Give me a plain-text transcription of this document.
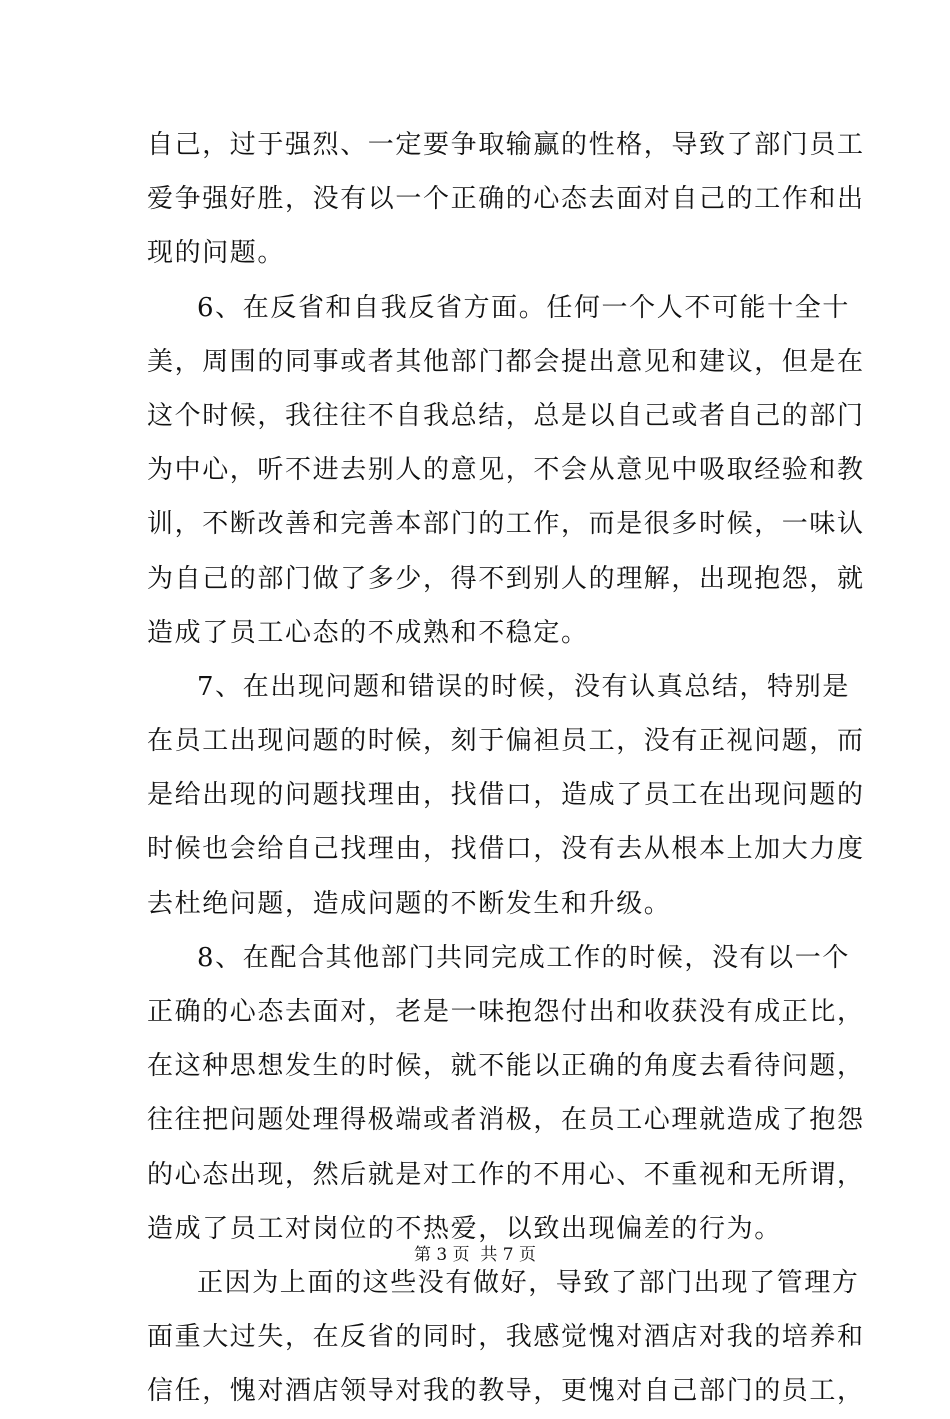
自己，过于强烈、一定要争取输赢的性格，导致了部门员工
爱争强好胜，没有以一个正确的心态去面对自己的工作和出
现的问题。
6、在反省和自我反省方面。任何一个人不可能十全十
美，周围的同事或者其他部门都会提出意见和建议，但是在
这个时候，我往往不自我总结，总是以自己或者自己的部门
为中心，听不进去别人的意见，不会从意见中吸取经验和教
训，不断改善和完善本部门的工作，而是很多时候，一味认
为自己的部门做了多少，得不到别人的理解，出现抱怨，就
造成了员工心态的不成熟和不稳定。
7、在出现问题和错误的时候，没有认真总结，特别是
在员工出现问题的时候，刻于偏袒员工，没有正视问题，而
是给出现的问题找理由，找借口，造成了员工在出现问题的
时候也会给自己找理由，找借口，没有去从根本上加大力度
去杜绝问题，造成问题的不断发生和升级。
8、在配合其他部门共同完成工作的时候，没有以一个
正确的心态去面对，老是一味抱怨付出和收获没有成正比，
在这种思想发生的时候，就不能以正确的角度去看待问题，
往往把问题处理得极端或者消极，在员工心理就造成了抱怨
的心态出现，然后就是对工作的不用心、不重视和无所谓，
造成了员工对岗位的不热爱，以致出现偏差的行为。
正因为上面的这些没有做好，导致了部门出现了管理方
面重大过失，在反省的同时，我感觉愧对酒店对我的培养和
信任，愧对酒店领导对我的教导，更愧对自己部门的员工，
第 3 页  共 7 页
